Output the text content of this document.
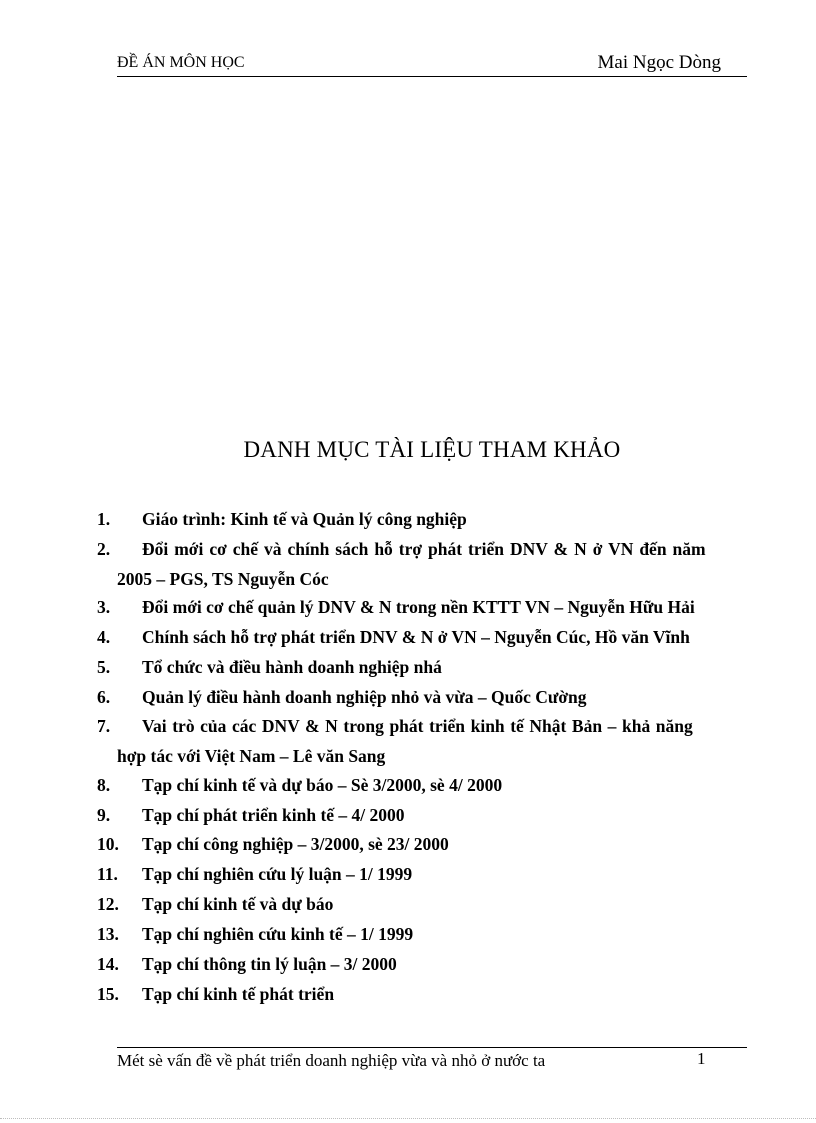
ĐỀ ÁN MÔN HỌC	Mai Ngọc Dòng
DANH MỤC TÀI LIỆU THAM KHẢO
1. Giáo trình: Kinh tế và Quản lý công nghiệp
2. Đổi mới cơ chế và chính sách hỗ trợ phát triển DNV & N ở VN đến năm
2005 – PGS, TS Nguyễn Cóc
3. Đổi mới cơ chế quản lý DNV & N trong nền KTTT VN – Nguyễn Hữu Hải
4. Chính sách hỗ trợ phát triển DNV & N ở VN – Nguyễn Cúc, Hồ văn Vĩnh
5. Tổ chức và điều hành doanh nghiệp nhá
6. Quản lý điều hành doanh nghiệp nhỏ và vừa – Quốc Cường
7. Vai trò của các DNV & N trong phát triển kinh tế Nhật Bản – khả năng
hợp tác với Việt Nam – Lê văn Sang
8. Tạp chí kinh tế và dự báo – Sè 3/2000, sè 4/ 2000
9. Tạp chí phát triển kinh tế – 4/ 2000
10. Tạp chí công nghiệp – 3/2000, sè 23/ 2000
11. Tạp chí nghiên cứu lý luận – 1/ 1999
12. Tạp chí kinh tế và dự báo
13. Tạp chí nghiên cứu kinh tế – 1/ 1999
14. Tạp chí thông tin lý luận – 3/ 2000
15. Tạp chí kinh tế phát triển
Mét sè vấn đề về phát triển doanh nghiệp vừa và nhỏ ở nước ta	1
